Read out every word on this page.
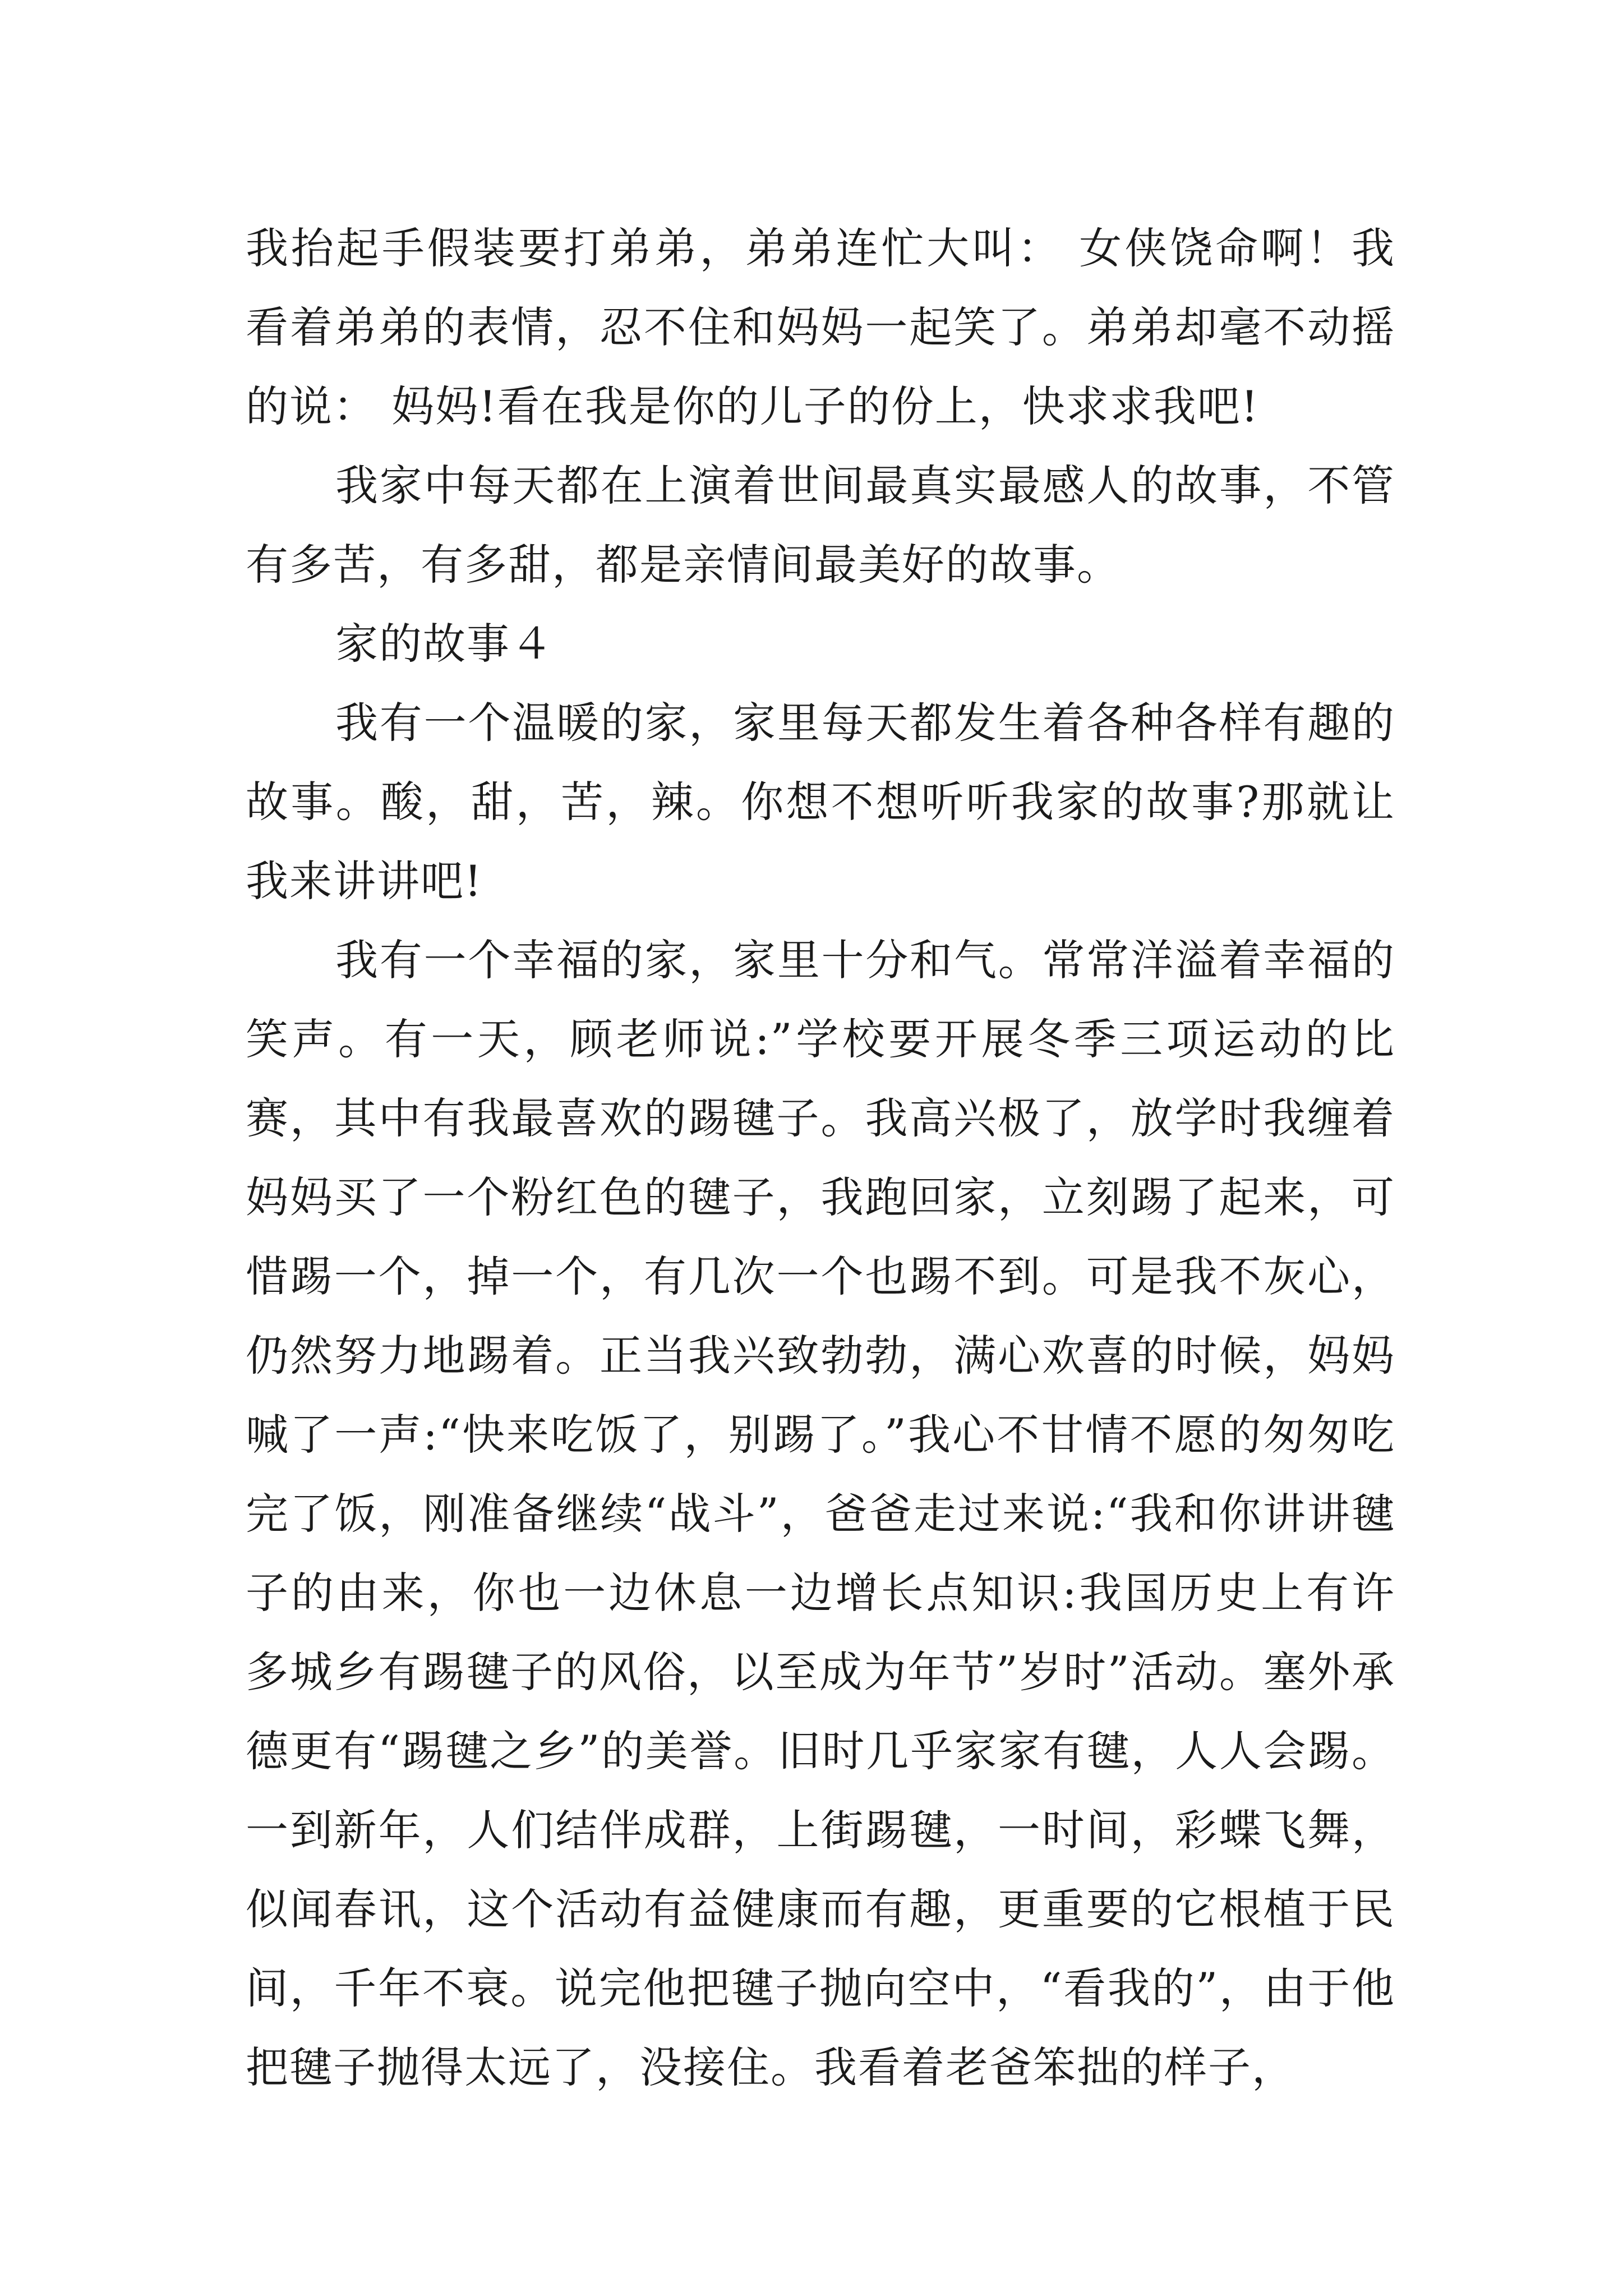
我抬起手假装要打弟弟，弟弟连忙大叫： 女侠饶命啊！我看着弟弟的表情，忍不住和妈妈一起笑了。弟弟却毫不动摇的说： 妈妈!看在我是你的儿子的份上，快求求我吧!

我家中每天都在上演着世间最真实最感人的故事，不管有多苦，有多甜，都是亲情间最美好的故事。

家的故事４

我有一个温暖的家，家里每天都发生着各种各样有趣的故事。酸，甜，苦，辣。你想不想听听我家的故事?那就让我来讲讲吧!

我有一个幸福的家，家里十分和气。常常洋溢着幸福的笑声。有一天，顾老师说:”学校要开展冬季三项运动的比赛，其中有我最喜欢的踢毽子。我高兴极了，放学时我缠着妈妈买了一个粉红色的毽子，我跑回家，立刻踢了起来，可惜踢一个，掉一个，有几次一个也踢不到。可是我不灰心，仍然努力地踢着。正当我兴致勃勃，满心欢喜的时候，妈妈喊了一声:“快来吃饭了，别踢了。”我心不甘情不愿的匆匆吃完了饭，刚准备继续“战斗”，爸爸走过来说:“我和你讲讲毽子的由来，你也一边休息一边增长点知识:我国历史上有许多城乡有踢毽子的风俗，以至成为年节”岁时”活动。塞外承德更有“踢毽之乡”的美誉。旧时几乎家家有毽，人人会踢。一到新年，人们结伴成群，上街踢毽，一时间，彩蝶飞舞，似闻春讯，这个活动有益健康而有趣，更重要的它根植于民间，千年不衰。说完他把毽子抛向空中，“看我的”，由于他把毽子抛得太远了，没接住。我看着老爸笨拙的样子，
